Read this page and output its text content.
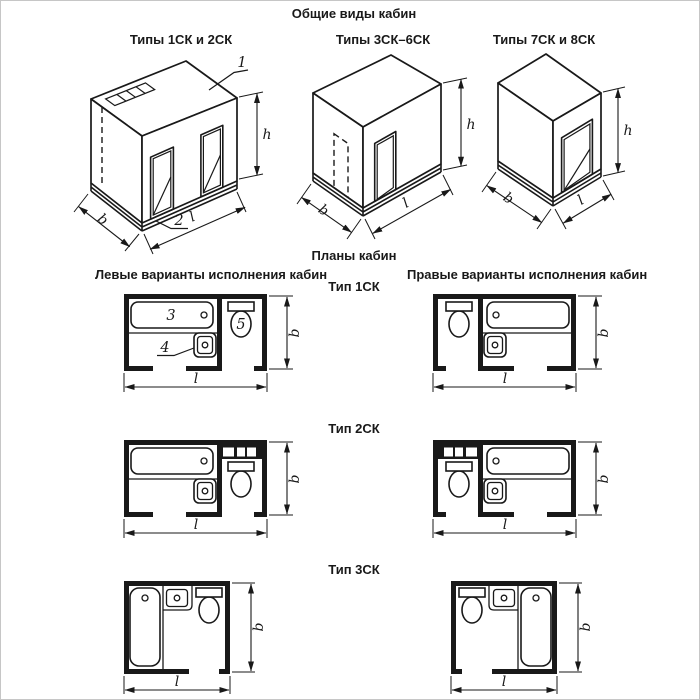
Общие виды кабин
Типы 1СК и 2СК	Типы 3СК–6СК	Типы 7СК и 8СК
Планы кабин
Левые варианты исполнения кабин	Правые варианты исполнения кабин
Тип 1СК
Тип 2СК
Тип 3СК
h
b	l
1
2
h
b	l
h
b	l
3
5
4
b
l
b
l
b
l
b
l
b
l
b
l
